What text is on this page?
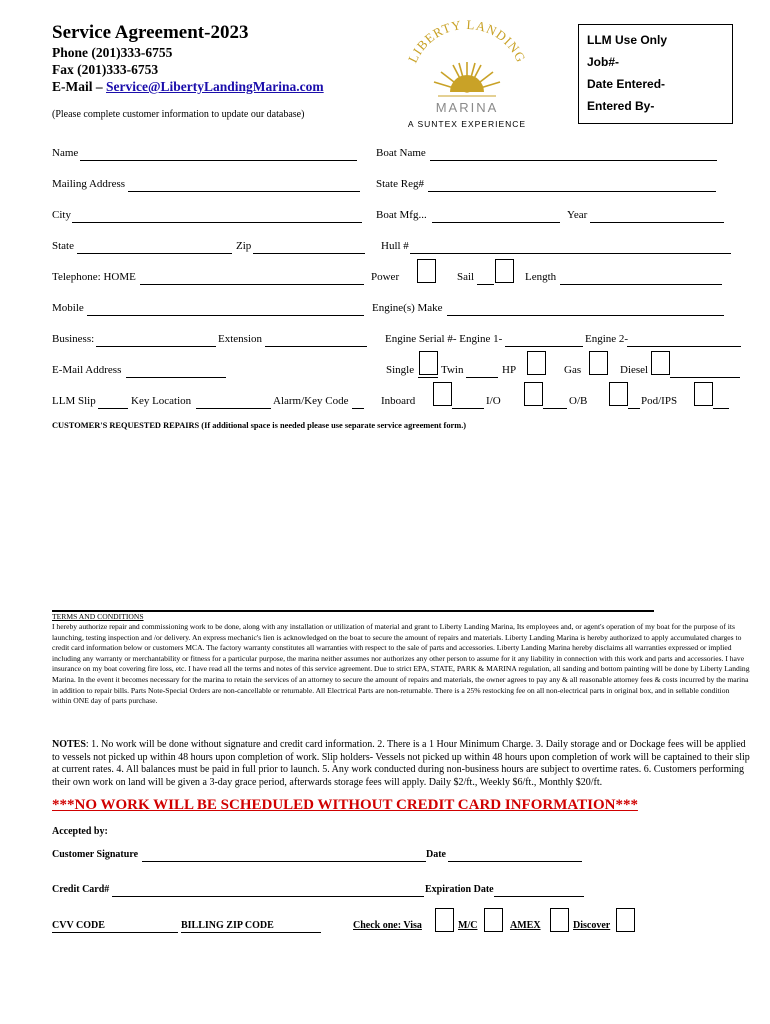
Service Agreement-2023
Phone (201)333-6755
Fax (201)333-6753
E-Mail – Service@LibertyLandingMarina.com
(Please complete customer information to update our database)
LIBERTY LANDING
MARINA
A SUNTEX EXPERIENCE
LLM Use Only
Job#-
Date Entered-
Entered By-
Name	Boat Name
Mailing Address	State Reg#
City	Boat Mfg...	Year
State	Zip	Hull #
Telephone: HOME	Power	Sail	Length
Mobile	Engine(s) Make
Business:	Extension	Engine Serial #- Engine 1-	Engine 2-
E-Mail Address	Single Twin	HP	Gas	Diesel
LLM Slip	Key Location	Alarm/Key Code	Inboard	I/O	O/B	Pod/IPS
CUSTOMER'S REQUESTED REPAIRS (If additional space is needed please use separate service agreement form.)
TERMS AND CONDITIONS
I hereby authorize repair and commissioning work to be done, along with any installation or utilization of material and grant to Liberty Landing Marina, Its employees and, or agent's operation of my boat for the purpose of its launching, testing inspection and /or delivery. An express mechanic's lien is acknowledged on the boat to secure the amount of repairs and materials. Liberty Landing Marina is hereby authorized to apply accumulated charges to credit card information below or customers MCA. The factory warranty constitutes all warranties with respect to the sale of parts and accessories. Liberty Landing Marina hereby disclaims all warranties expressed or implied including any warranty or merchantability or fitness for a particular purpose, the marina neither assumes nor authorizes any other person to assume for it any liability in connection with this work and parts and accessories. I have insurance on my boat covering fire loss, etc. I have read all the terms and notes of this service agreement. Due to strict EPA, STATE, PARK & MARINA regulation, all sanding and bottom painting will be done by Liberty Landing Marina. In the event it becomes necessary for the marina to retain the services of an attorney to secure the amount of repairs and materials, the owner agrees to pay any & all reasonable attorney fees & costs incurred by the marina in addition to repair bills. Parts Note-Special Orders are non-cancellable or returnable. All Electrical Parts are non-returnable. There is a 25% restocking fee on all non-electrical parts in original box, and in sellable condition within ONE day of parts purchase.
NOTES: 1. No work will be done without signature and credit card information. 2. There is a 1 Hour Minimum Charge. 3. Daily storage and or Dockage fees will be applied to vessels not picked up within 48 hours upon completion of work. Slip holders- Vessels not picked up within 48 hours upon completion of work will be captained to their slip at current rates. 4. All balances must be paid in full prior to launch. 5. Any work conducted during non-business hours are subject to overtime rates. 6. Customers performing their own work on land will be given a 3-day grace period, afterwards storage fees will apply. Daily $2/ft., Weekly $6/ft., Monthly $20/ft.
***NO WORK WILL BE SCHEDULED WITHOUT CREDIT CARD INFORMATION***
Accepted by:
Customer Signature	Date
Credit Card#	Expiration Date
CVV CODE	BILLING ZIP CODE	Check one: Visa	M/C	AMEX	Discover
